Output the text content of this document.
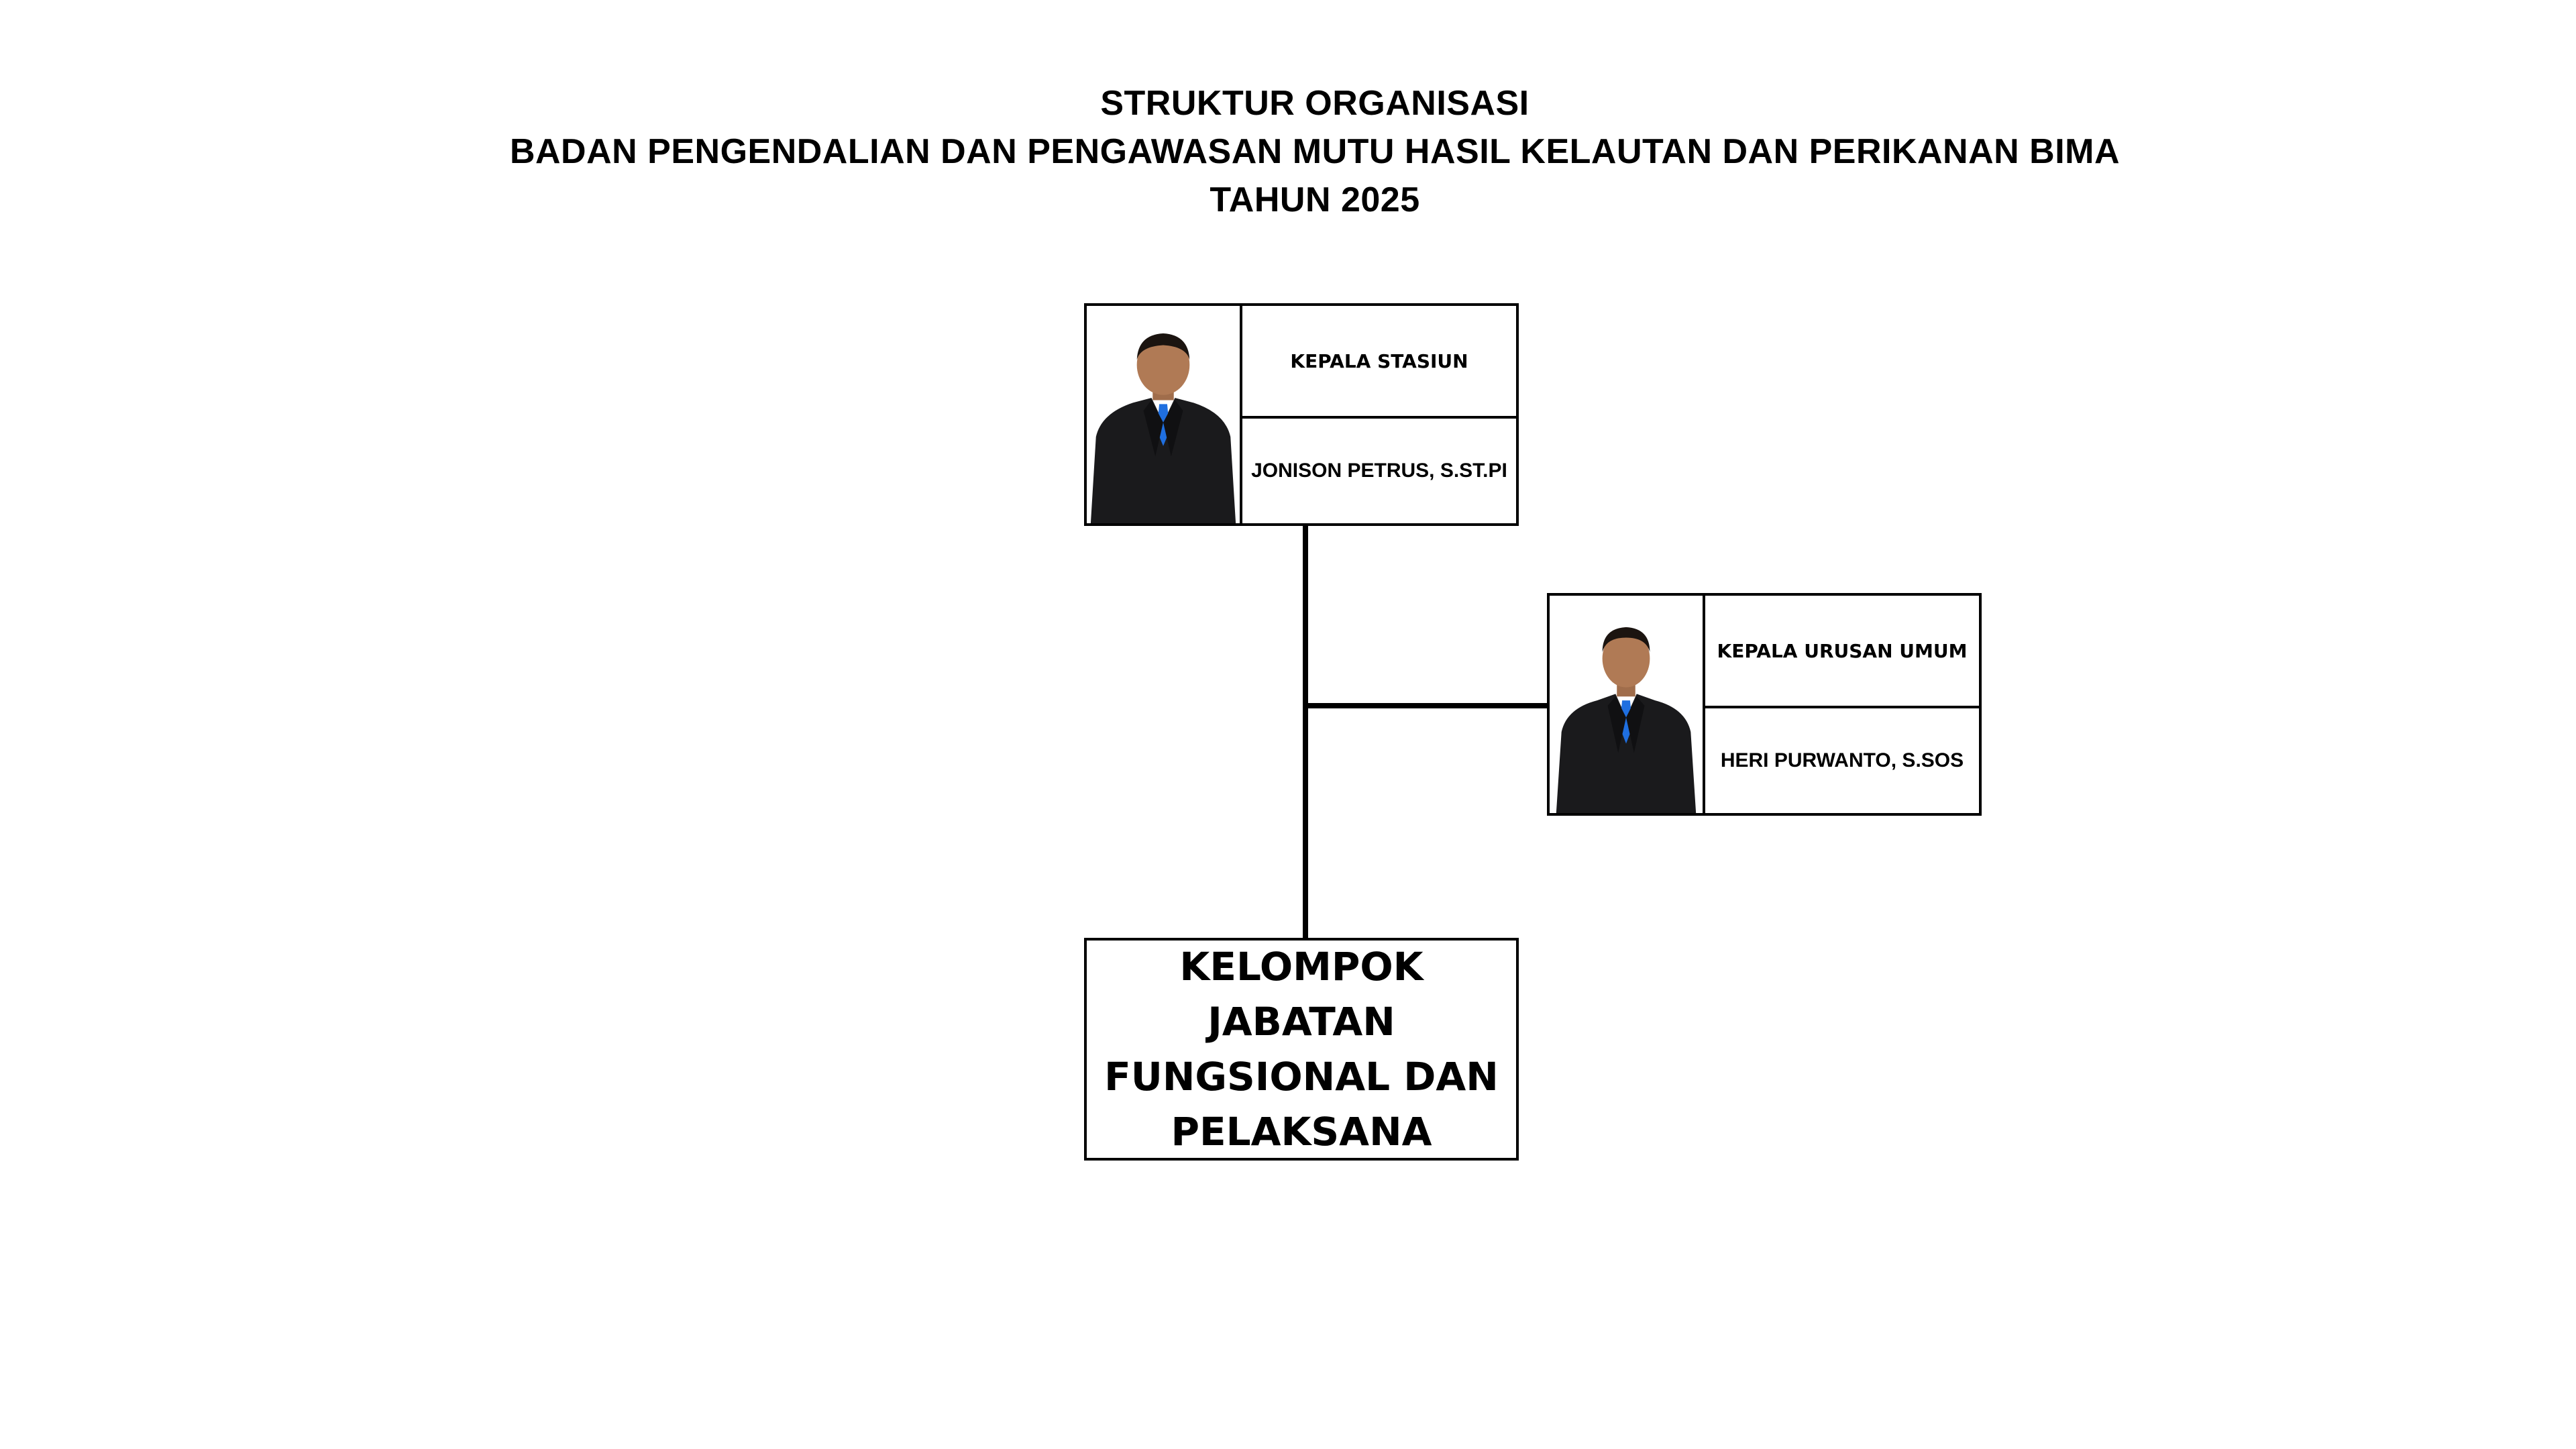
STRUKTUR ORGANISASI
BADAN PENGENDALIAN DAN PENGAWASAN MUTU HASIL KELAUTAN DAN PERIKANAN BIMA
TAHUN 2025
KEPALA STASIUN
JONISON PETRUS, S.ST.PI
KEPALA URUSAN UMUM
HERI PURWANTO, S.SOS
KELOMPOK JABATAN FUNGSIONAL DAN PELAKSANA
